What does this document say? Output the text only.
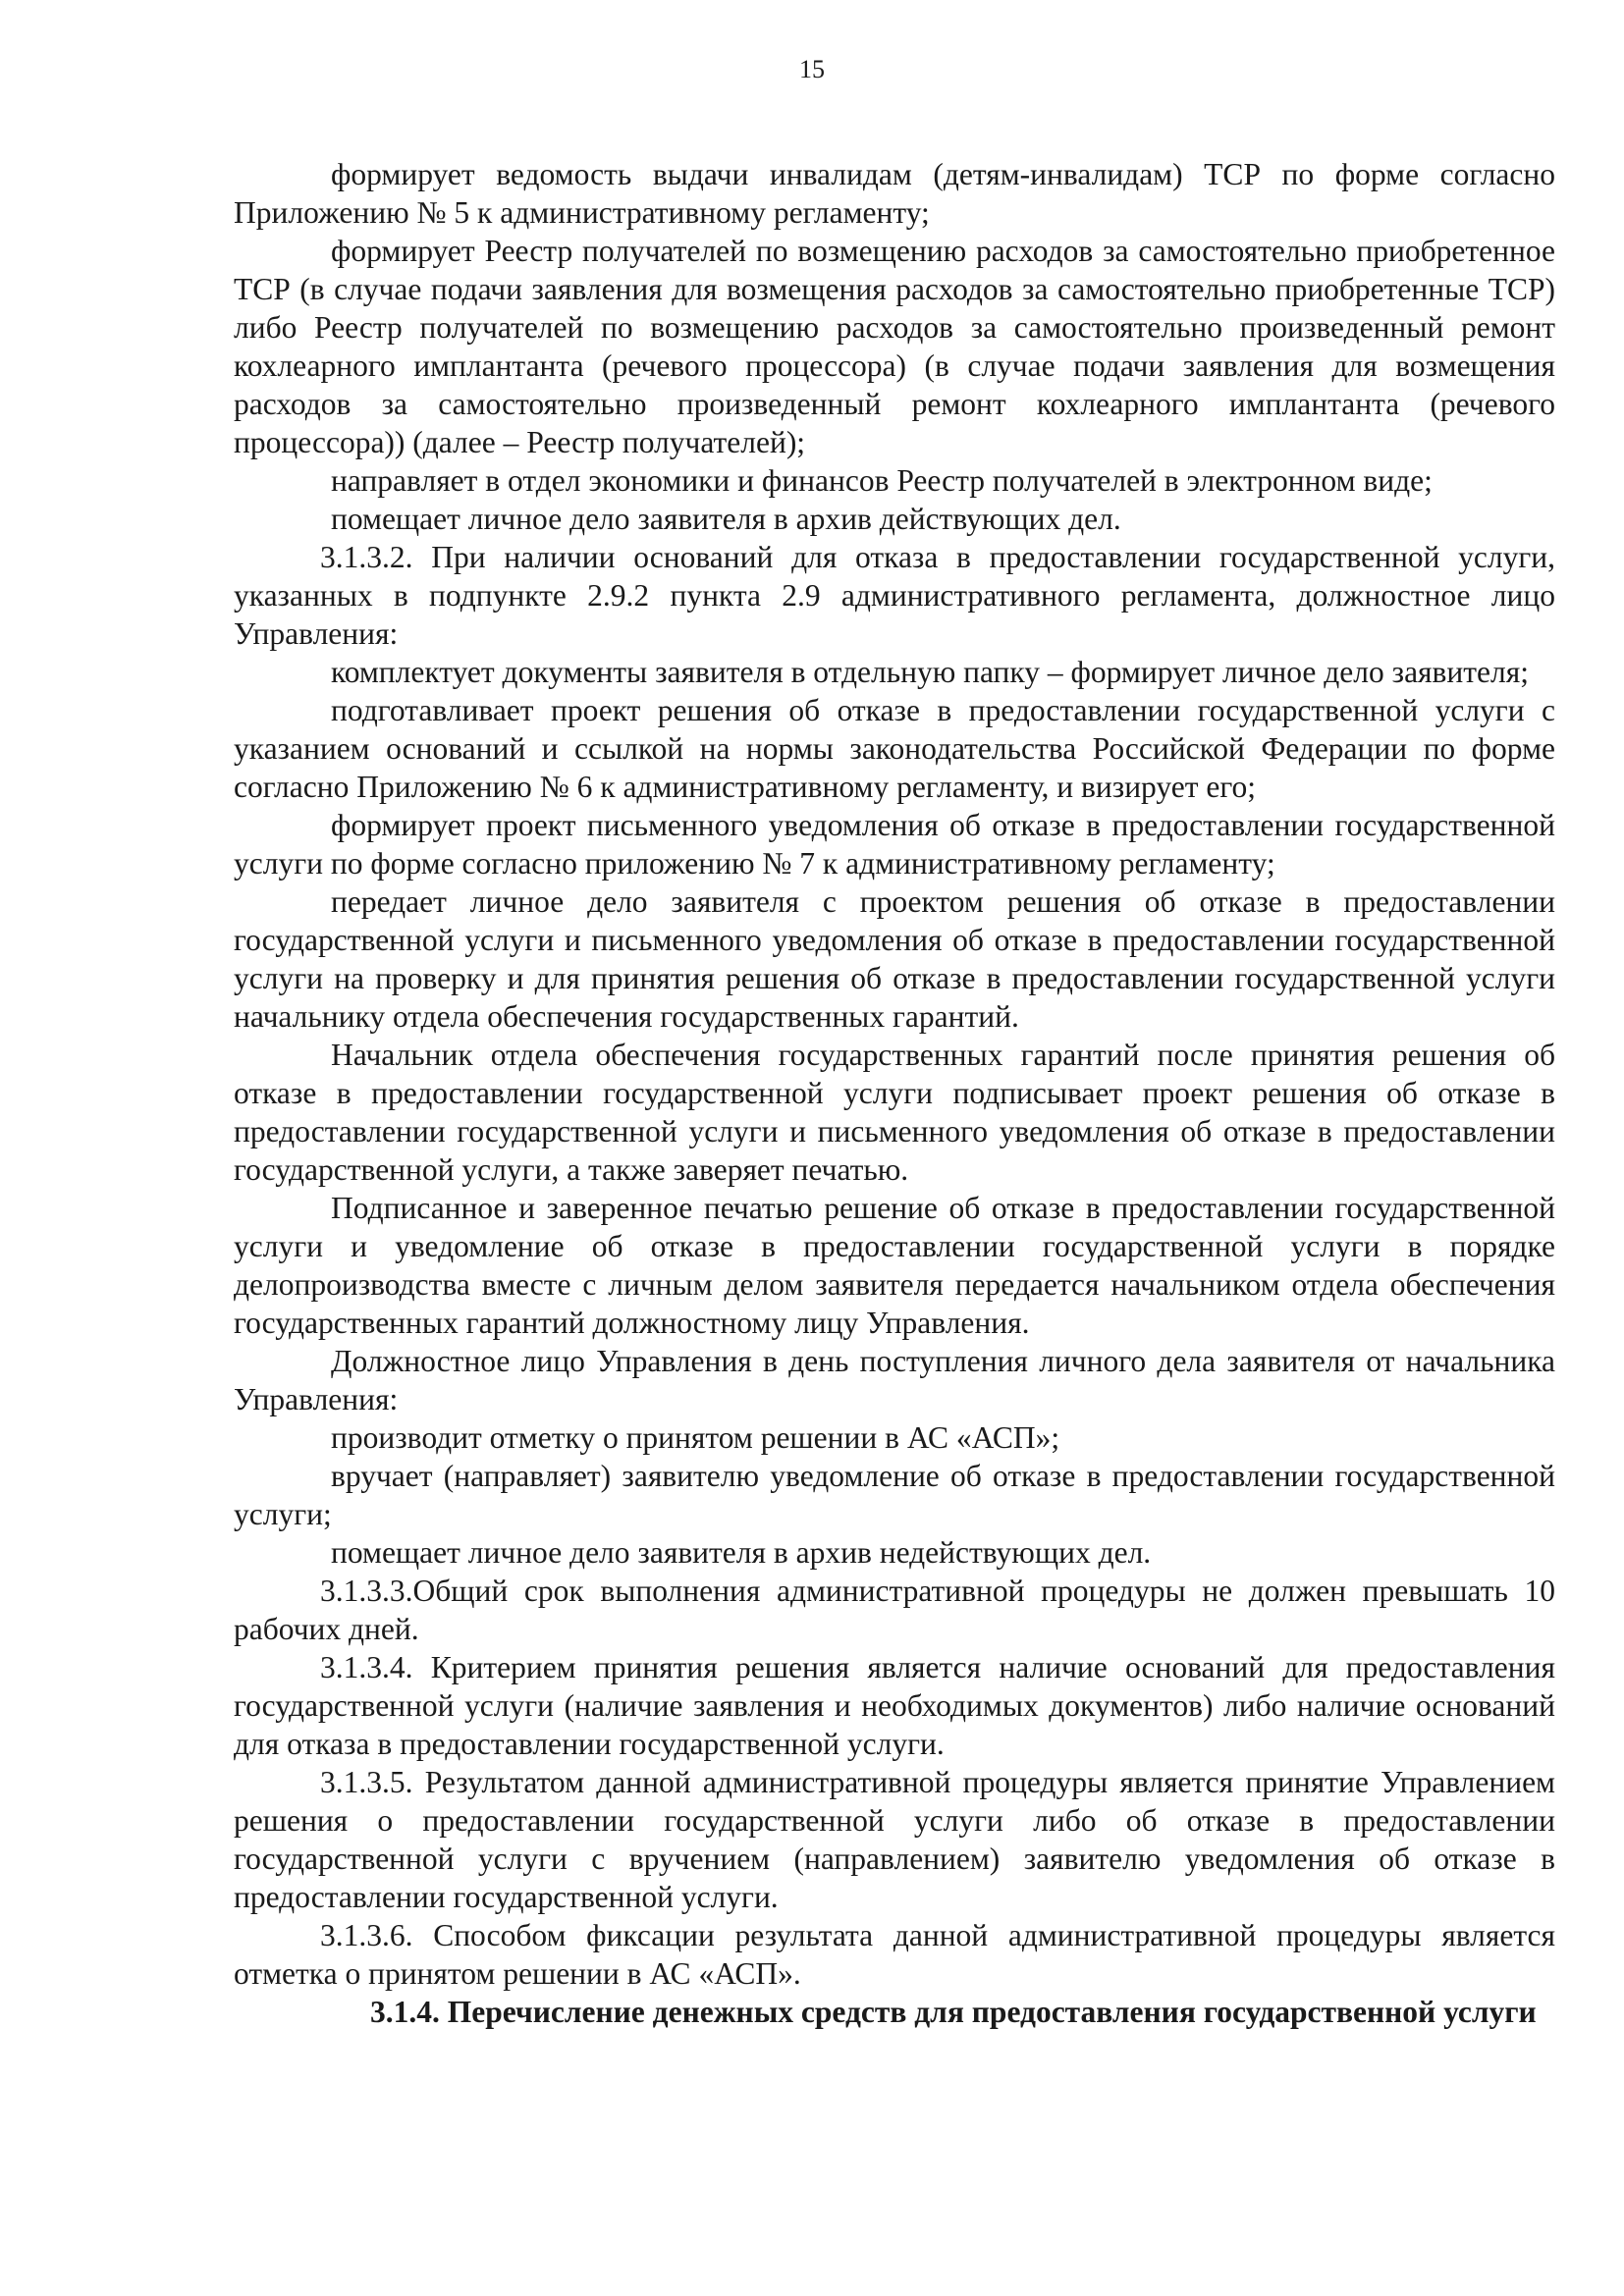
15

формирует ведомость выдачи инвалидам (детям-инвалидам) ТСР по форме согласно Приложению № 5 к административному регламенту;

формирует Реестр получателей по возмещению расходов за самостоятельно приобретенное ТСР (в случае подачи заявления для возмещения расходов за самостоятельно приобретенные ТСР) либо Реестр получателей по возмещению расходов за самостоятельно произведенный ремонт кохлеарного имплантанта (речевого процессора) (в случае подачи заявления для возмещения расходов за самостоятельно произведенный ремонт кохлеарного имплантанта (речевого процессора)) (далее – Реестр получателей);

направляет в отдел экономики и финансов Реестр получателей в электронном виде;

помещает личное дело заявителя в архив действующих дел.

3.1.3.2. При наличии оснований для отказа в предоставлении государственной услуги, указанных в подпункте 2.9.2 пункта 2.9 административного регламента, должностное лицо Управления:

комплектует документы заявителя в отдельную папку – формирует личное дело заявителя;

подготавливает проект решения об отказе в предоставлении государственной услуги с указанием оснований и ссылкой на нормы законодательства Российской Федерации по форме согласно Приложению № 6 к административному регламенту, и визирует его;

формирует проект письменного уведомления об отказе в предоставлении государственной услуги по форме согласно приложению № 7 к административному регламенту;

передает личное дело заявителя с проектом решения об отказе в предоставлении государственной услуги и письменного уведомления об отказе в предоставлении государственной услуги на проверку и для принятия решения об отказе в предоставлении государственной услуги начальнику отдела обеспечения государственных гарантий.

Начальник отдела обеспечения государственных гарантий после принятия решения об отказе в предоставлении государственной услуги подписывает проект решения об отказе в предоставлении государственной услуги и письменного уведомления об отказе в предоставлении государственной услуги, а также заверяет печатью.

Подписанное и заверенное печатью решение об отказе в предоставлении государственной услуги и уведомление об отказе в предоставлении государственной услуги в порядке делопроизводства вместе с личным делом заявителя передается начальником отдела обеспечения государственных гарантий должностному лицу Управления.

Должностное лицо Управления в день поступления личного дела заявителя от начальника Управления:

производит отметку о принятом решении в АС «АСП»;

вручает (направляет) заявителю уведомление об отказе в предоставлении государственной услуги;

помещает личное дело заявителя в архив недействующих дел.

3.1.3.3.Общий срок выполнения административной процедуры не должен превышать 10 рабочих дней.

3.1.3.4. Критерием принятия решения является наличие оснований для предоставления государственной услуги (наличие заявления и необходимых документов) либо наличие оснований для отказа в предоставлении государственной услуги.

3.1.3.5. Результатом данной административной процедуры является принятие Управлением решения о предоставлении государственной услуги либо об отказе в предоставлении государственной услуги с вручением (направлением) заявителю уведомления об отказе в предоставлении государственной услуги.

3.1.3.6. Способом фиксации результата данной административной процедуры является отметка о принятом решении в АС «АСП».

3.1.4. Перечисление денежных средств для предоставления государственной услуги
